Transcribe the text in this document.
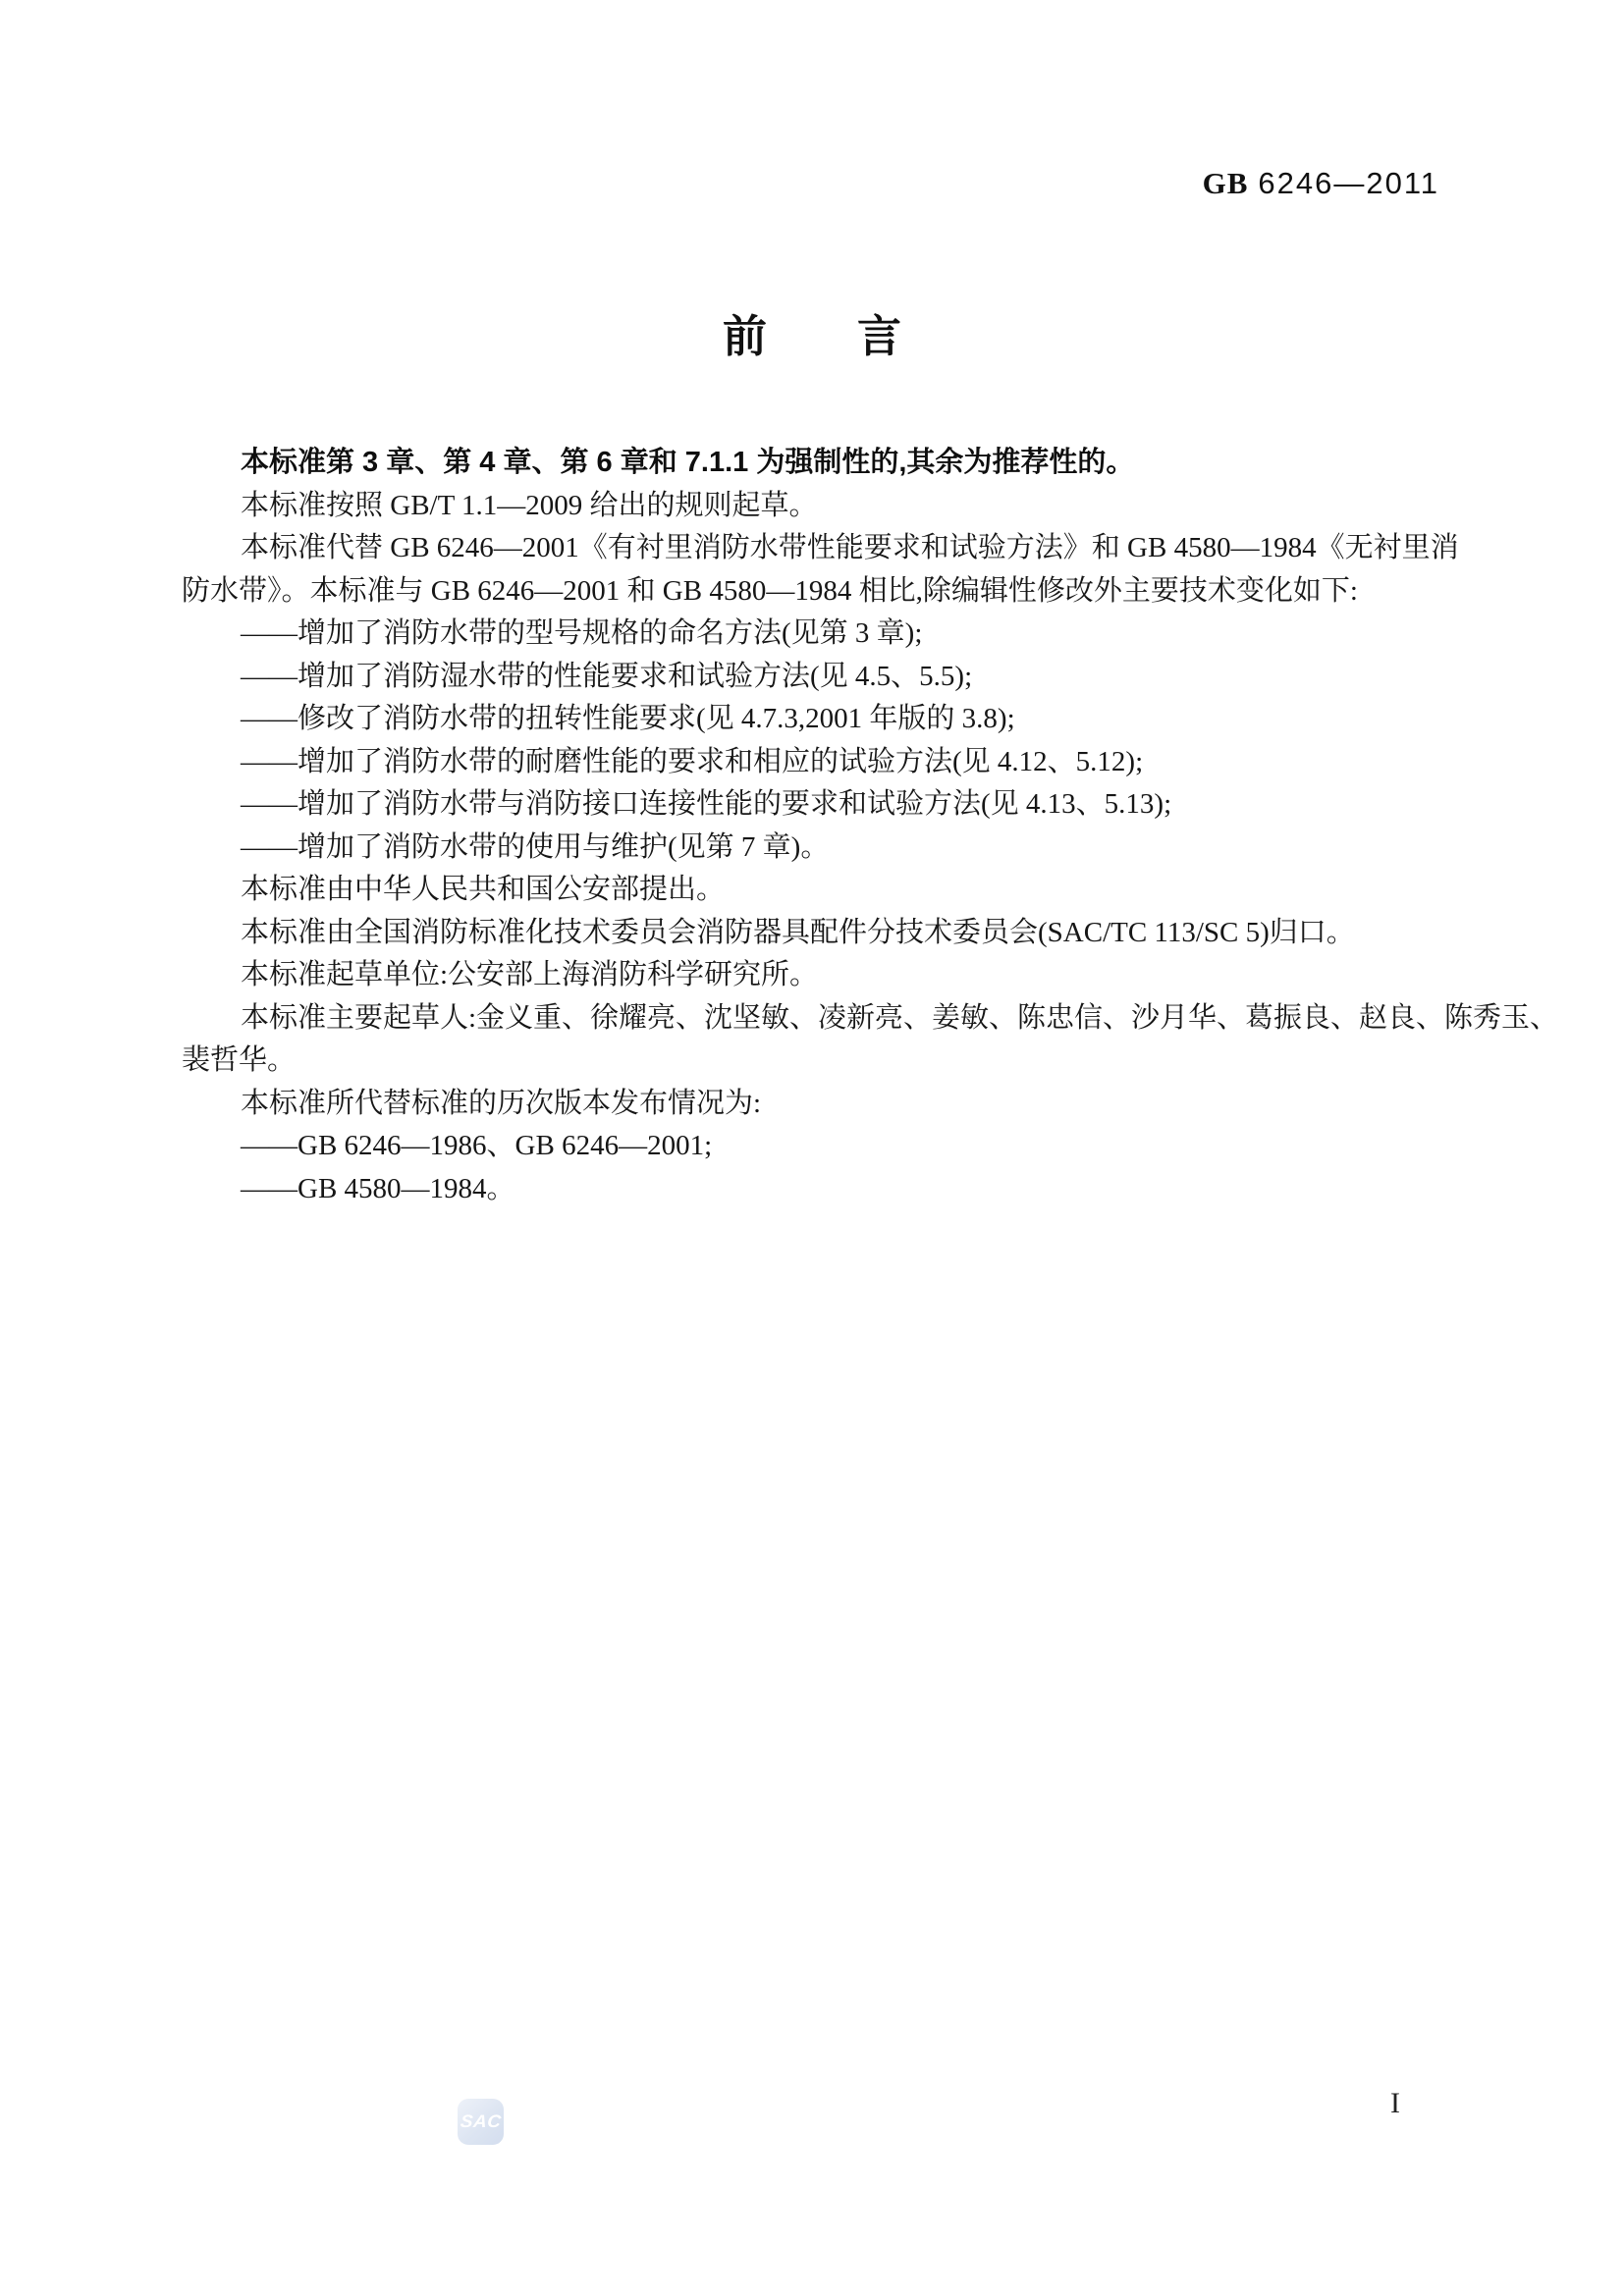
GB 6246—2011
前言
本标准第 3 章、第 4 章、第 6 章和 7.1.1 为强制性的,其余为推荐性的。
本标准按照 GB/T 1.1—2009 给出的规则起草。
本标准代替 GB 6246—2001《有衬里消防水带性能要求和试验方法》和 GB 4580—1984《无衬里消
防水带》。本标准与 GB 6246—2001 和 GB 4580—1984 相比,除编辑性修改外主要技术变化如下:
——增加了消防水带的型号规格的命名方法(见第 3 章);
——增加了消防湿水带的性能要求和试验方法(见 4.5、5.5);
——修改了消防水带的扭转性能要求(见 4.7.3,2001 年版的 3.8);
——增加了消防水带的耐磨性能的要求和相应的试验方法(见 4.12、5.12);
——增加了消防水带与消防接口连接性能的要求和试验方法(见 4.13、5.13);
——增加了消防水带的使用与维护(见第 7 章)。
本标准由中华人民共和国公安部提出。
本标准由全国消防标准化技术委员会消防器具配件分技术委员会(SAC/TC 113/SC 5)归口。
本标准起草单位:公安部上海消防科学研究所。
本标准主要起草人:金义重、徐耀亮、沈坚敏、凌新亮、姜敏、陈忠信、沙月华、葛振良、赵良、陈秀玉、
裴哲华。
本标准所代替标准的历次版本发布情况为:
——GB 6246—1986、GB 6246—2001;
——GB 4580—1984。
SAC
I
